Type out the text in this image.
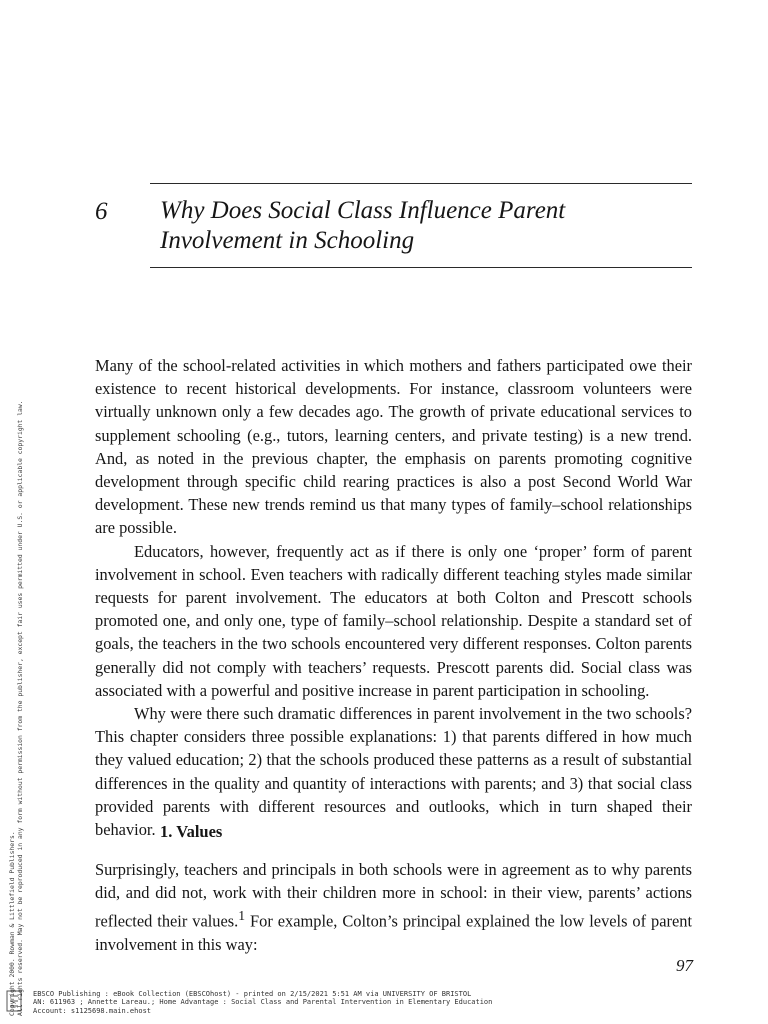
6 Why Does Social Class Influence Parent
Involvement in Schooling

Many of the school-related activities in which mothers and fathers participated owe their existence to recent historical developments. For instance, classroom volunteers were virtually unknown only a few decades ago. The growth of private educational services to supplement schooling (e.g., tutors, learning centers, and private testing) is a new trend. And, as noted in the previous chapter, the emphasis on parents promoting cognitive development through specific child rearing practices is also a post Second World War development. These new trends remind us that many types of family–school relationships are possible.

Educators, however, frequently act as if there is only one ‘proper’ form of parent involvement in school. Even teachers with radically different teaching styles made similar requests for parent involvement. The educators at both Colton and Prescott schools promoted one, and only one, type of family–school relationship. Despite a standard set of goals, the teachers in the two schools encountered very different responses. Colton parents generally did not comply with teachers’ requests. Prescott parents did. Social class was associated with a powerful and positive increase in parent participation in schooling.

Why were there such dramatic differences in parent involvement in the two schools? This chapter considers three possible explanations: 1) that parents differed in how much they valued education; 2) that the schools produced these patterns as a result of substantial differences in the quality and quantity of interactions with parents; and 3) that social class provided parents with different resources and outlooks, which in turn shaped their behavior. 1. Values

Surprisingly, teachers and principals in both schools were in agreement as to why parents did, and did not, work with their children more in school: in their view, parents’ actions reflected their values.$^1$ For example, Colton’s principal explained the low levels of parent involvement in this way:

97
EBSCO Publishing : eBook Collection (EBSCOhost) - printed on 2/15/2021 5:51 AM via UNIVERSITY OF BRISTOL
AN: 611963 ; Annette Lareau.; Home Advantage : Social Class and Parental Intervention in Elementary Education
Account: s1125698.main.ehost
Copyright 2000. Rowman & Littlefield Publishers. All rights reserved. May not be reproduced in any form without permission from the publisher, except fair uses permitted under U.S. or applicable copyright law.
